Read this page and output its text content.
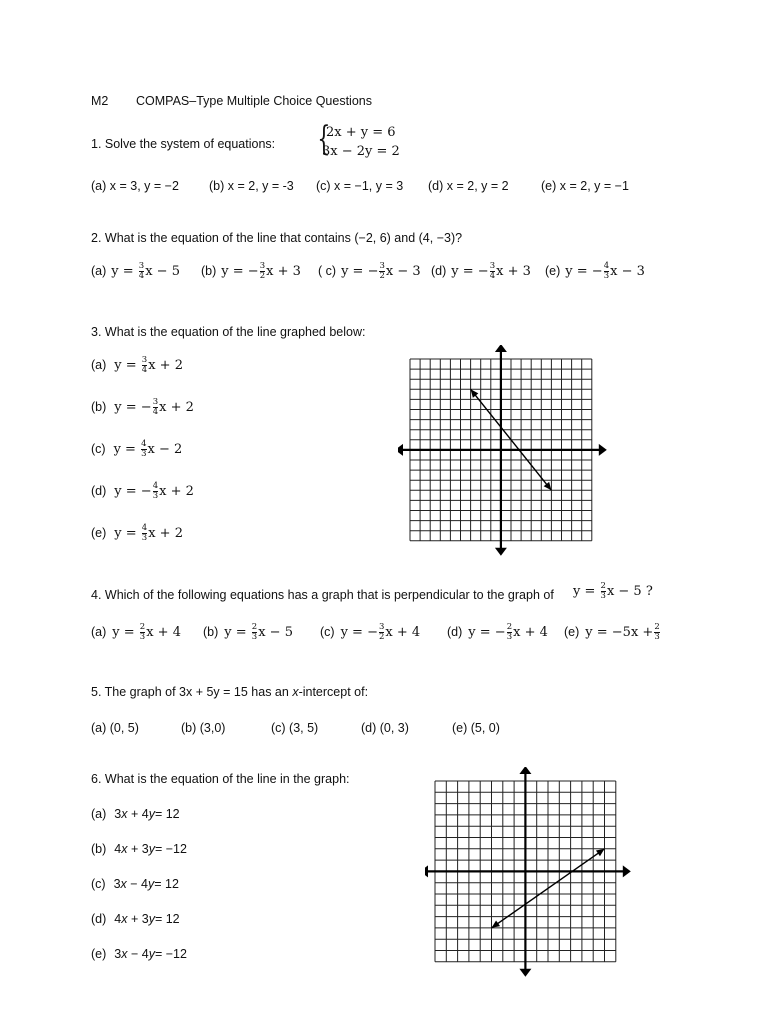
M2 COMPAS–Type Multiple Choice Questions
1. Solve the system of equations: {
2x + y = 6
3x − 2y = 2
(a) x = 3, y = −2 (b) x = 2, y = -3 (c) x = −1, y = 3 (d) x = 2, y = 2	(e) x = 2, y = −1
2. What is the equation of the line that contains (−2, 6) and (4, −3)?
3. What is the equation of the line graphed below:
4. Which of the following equations has a graph that is perpendicular to the graph of $y = \frac{2}{3}$ x − 5 ?
5. The graph of 3x + 5y = 15 has an x-intercept of:
(a) (0, 5)	(b) (3,0)	(c) (3, 5)	(d) (0, 3)	(e) (5, 0)
6. What is the equation of the line in the graph:
(a) $y = \frac{3}{4}$ x − 5 (b) y = − $\frac{3}{2}$ x + 3 ( c) y = − $\frac{3}{2}$ x − 3 (d) y = − $\frac{3}{4}$ x + 3 (e) y = − $\frac{4}{3}$ x − 3
(a) $y = \frac{3}{4}$ x + 2
(b) y = − $\frac{3}{4}$ x + 2
(c) $y = \frac{4}{3}$ x − 2
(d) y = − $\frac{4}{3}$ x + 2
(e) $y = \frac{4}{3}$ x + 2
(a) $y = \frac{2}{3}$ x + 4 (b) $y = \frac{2}{3}$ x − 5 (c) y = − $\frac{3}{2}$ x + 4 (d) y = − $\frac{2}{3}$ x + 4 (e) $y = -5x + \frac{2}{3}$
(a) 3x + 4y= 12
(b) 4x + 3y= −12
(c) 3x − 4y= 12
(d) 4x + 3y= 12
(e) 3x − 4y= −12
